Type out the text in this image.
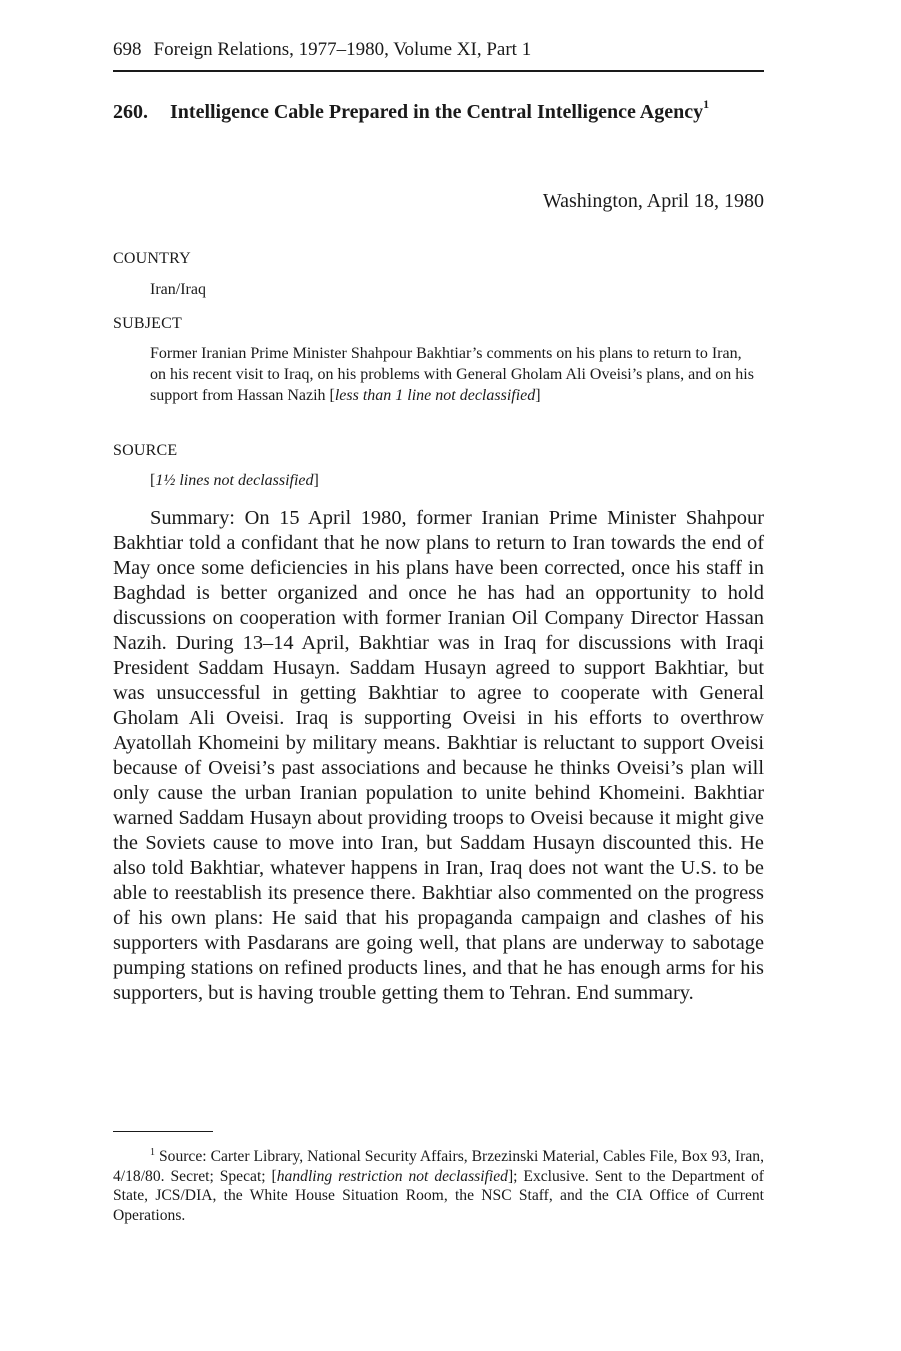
698 Foreign Relations, 1977–1980, Volume XI, Part 1
260. Intelligence Cable Prepared in the Central Intelligence Agency$^1$
Washington, April 18, 1980
COUNTRY
Iran/Iraq
SUBJECT
Former Iranian Prime Minister Shahpour Bakhtiar’s comments on his plans to return to Iran, on his recent visit to Iraq, on his problems with General Gholam Ali Oveisi’s plans, and on his support from Hassan Nazih [less than 1 line not declassified]
SOURCE
[1½ lines not declassified]
Summary: On 15 April 1980, former Iranian Prime Minister Shahpour Bakhtiar told a confidant that he now plans to return to Iran towards the end of May once some deficiencies in his plans have been corrected, once his staff in Baghdad is better organized and once he has had an opportunity to hold discussions on cooperation with former Iranian Oil Company Director Hassan Nazih. During 13–14 April, Bakhtiar was in Iraq for discussions with Iraqi President Saddam Husayn. Saddam Husayn agreed to support Bakhtiar, but was unsuccessful in getting Bakhtiar to agree to cooperate with General Gholam Ali Oveisi. Iraq is supporting Oveisi in his efforts to overthrow Ayatollah Khomeini by military means. Bakhtiar is reluctant to support Oveisi because of Oveisi’s past associations and because he thinks Oveisi’s plan will only cause the urban Iranian population to unite behind Khomeini. Bakhtiar warned Saddam Husayn about providing troops to Oveisi because it might give the Soviets cause to move into Iran, but Saddam Husayn discounted this. He also told Bakhtiar, whatever happens in Iran, Iraq does not want the U.S. to be able to reestablish its presence there. Bakhtiar also commented on the progress of his own plans: He said that his propaganda campaign and clashes of his supporters with Pasdarans are going well, that plans are underway to sabotage pumping stations on refined products lines, and that he has enough arms for his supporters, but is having trouble getting them to Tehran. End summary.
$^1$ Source: Carter Library, National Security Affairs, Brzezinski Material, Cables File, Box 93, Iran, 4/18/80. Secret; Specat; [handling restriction not declassified]; Exclusive. Sent to the Department of State, JCS/DIA, the White House Situation Room, the NSC Staff, and the CIA Office of Current Operations.
